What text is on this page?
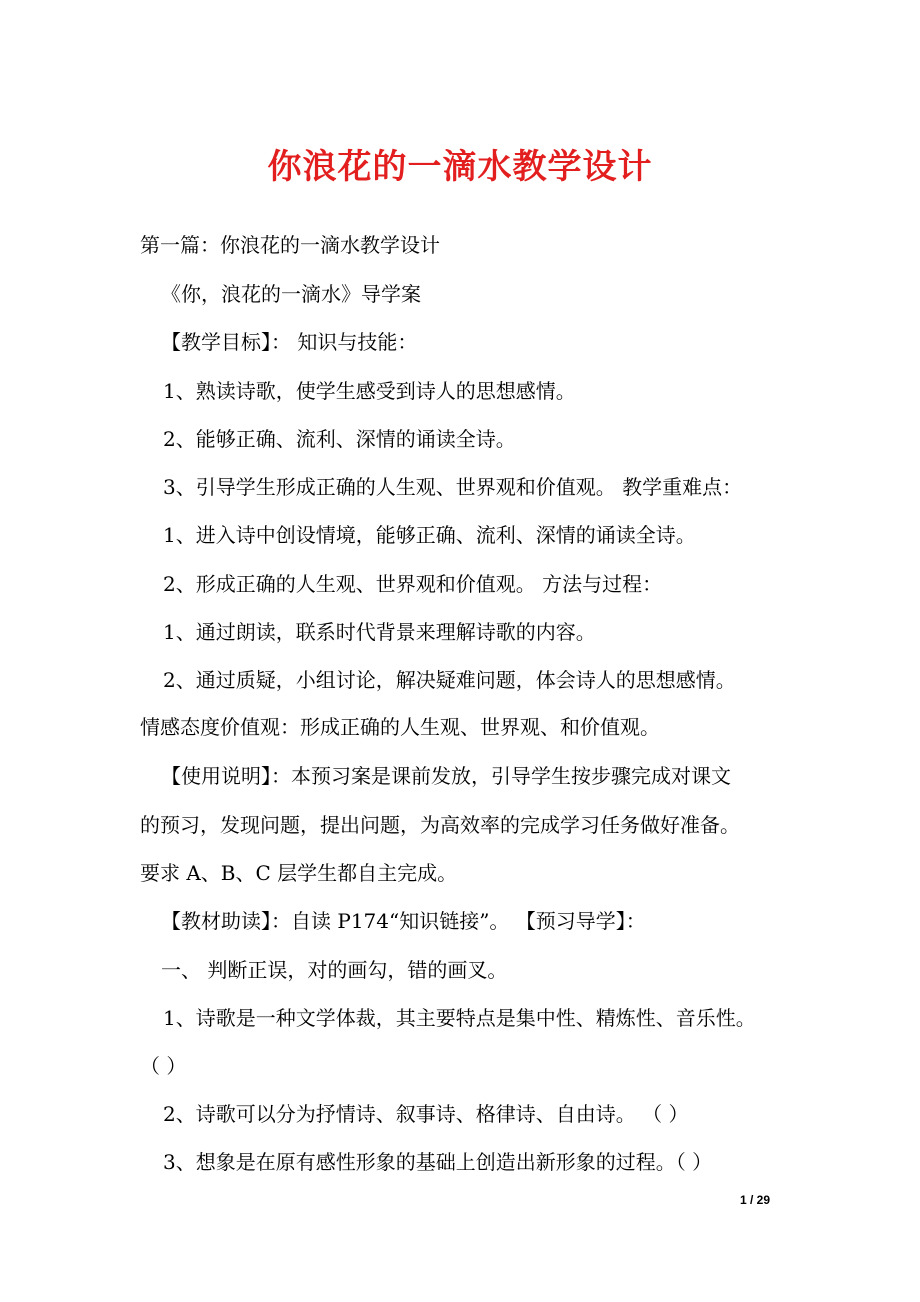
你浪花的一滴水教学设计
第一篇：你浪花的一滴水教学设计
《你，浪花的一滴水》导学案
【教学目标】： 知识与技能：
1、熟读诗歌，使学生感受到诗人的思想感情。
2、能够正确、流利、深情的诵读全诗。
3、引导学生形成正确的人生观、世界观和价值观。 教学重难点：
1、进入诗中创设情境，能够正确、流利、深情的诵读全诗。
2、形成正确的人生观、世界观和价值观。 方法与过程：
1、通过朗读，联系时代背景来理解诗歌的内容。
2、通过质疑，小组讨论，解决疑难问题，体会诗人的思想感情。
情感态度价值观：形成正确的人生观、世界观、和价值观。
【使用说明】：本预习案是课前发放，引导学生按步骤完成对课文
的预习，发现问题，提出问题，为高效率的完成学习任务做好准备。
要求 A、B、C 层学生都自主完成。
【教材助读】：自读 P174“知识链接”。 【预习导学】：
一、 判断正误，对的画勾，错的画叉。
1、诗歌是一种文学体裁，其主要特点是集中性、精炼性、音乐性。
（ ）
2、诗歌可以分为抒情诗、叙事诗、格律诗、自由诗。 （ ）
3、想象是在原有感性形象的基础上创造出新形象的过程。（ ）
1 / 29
